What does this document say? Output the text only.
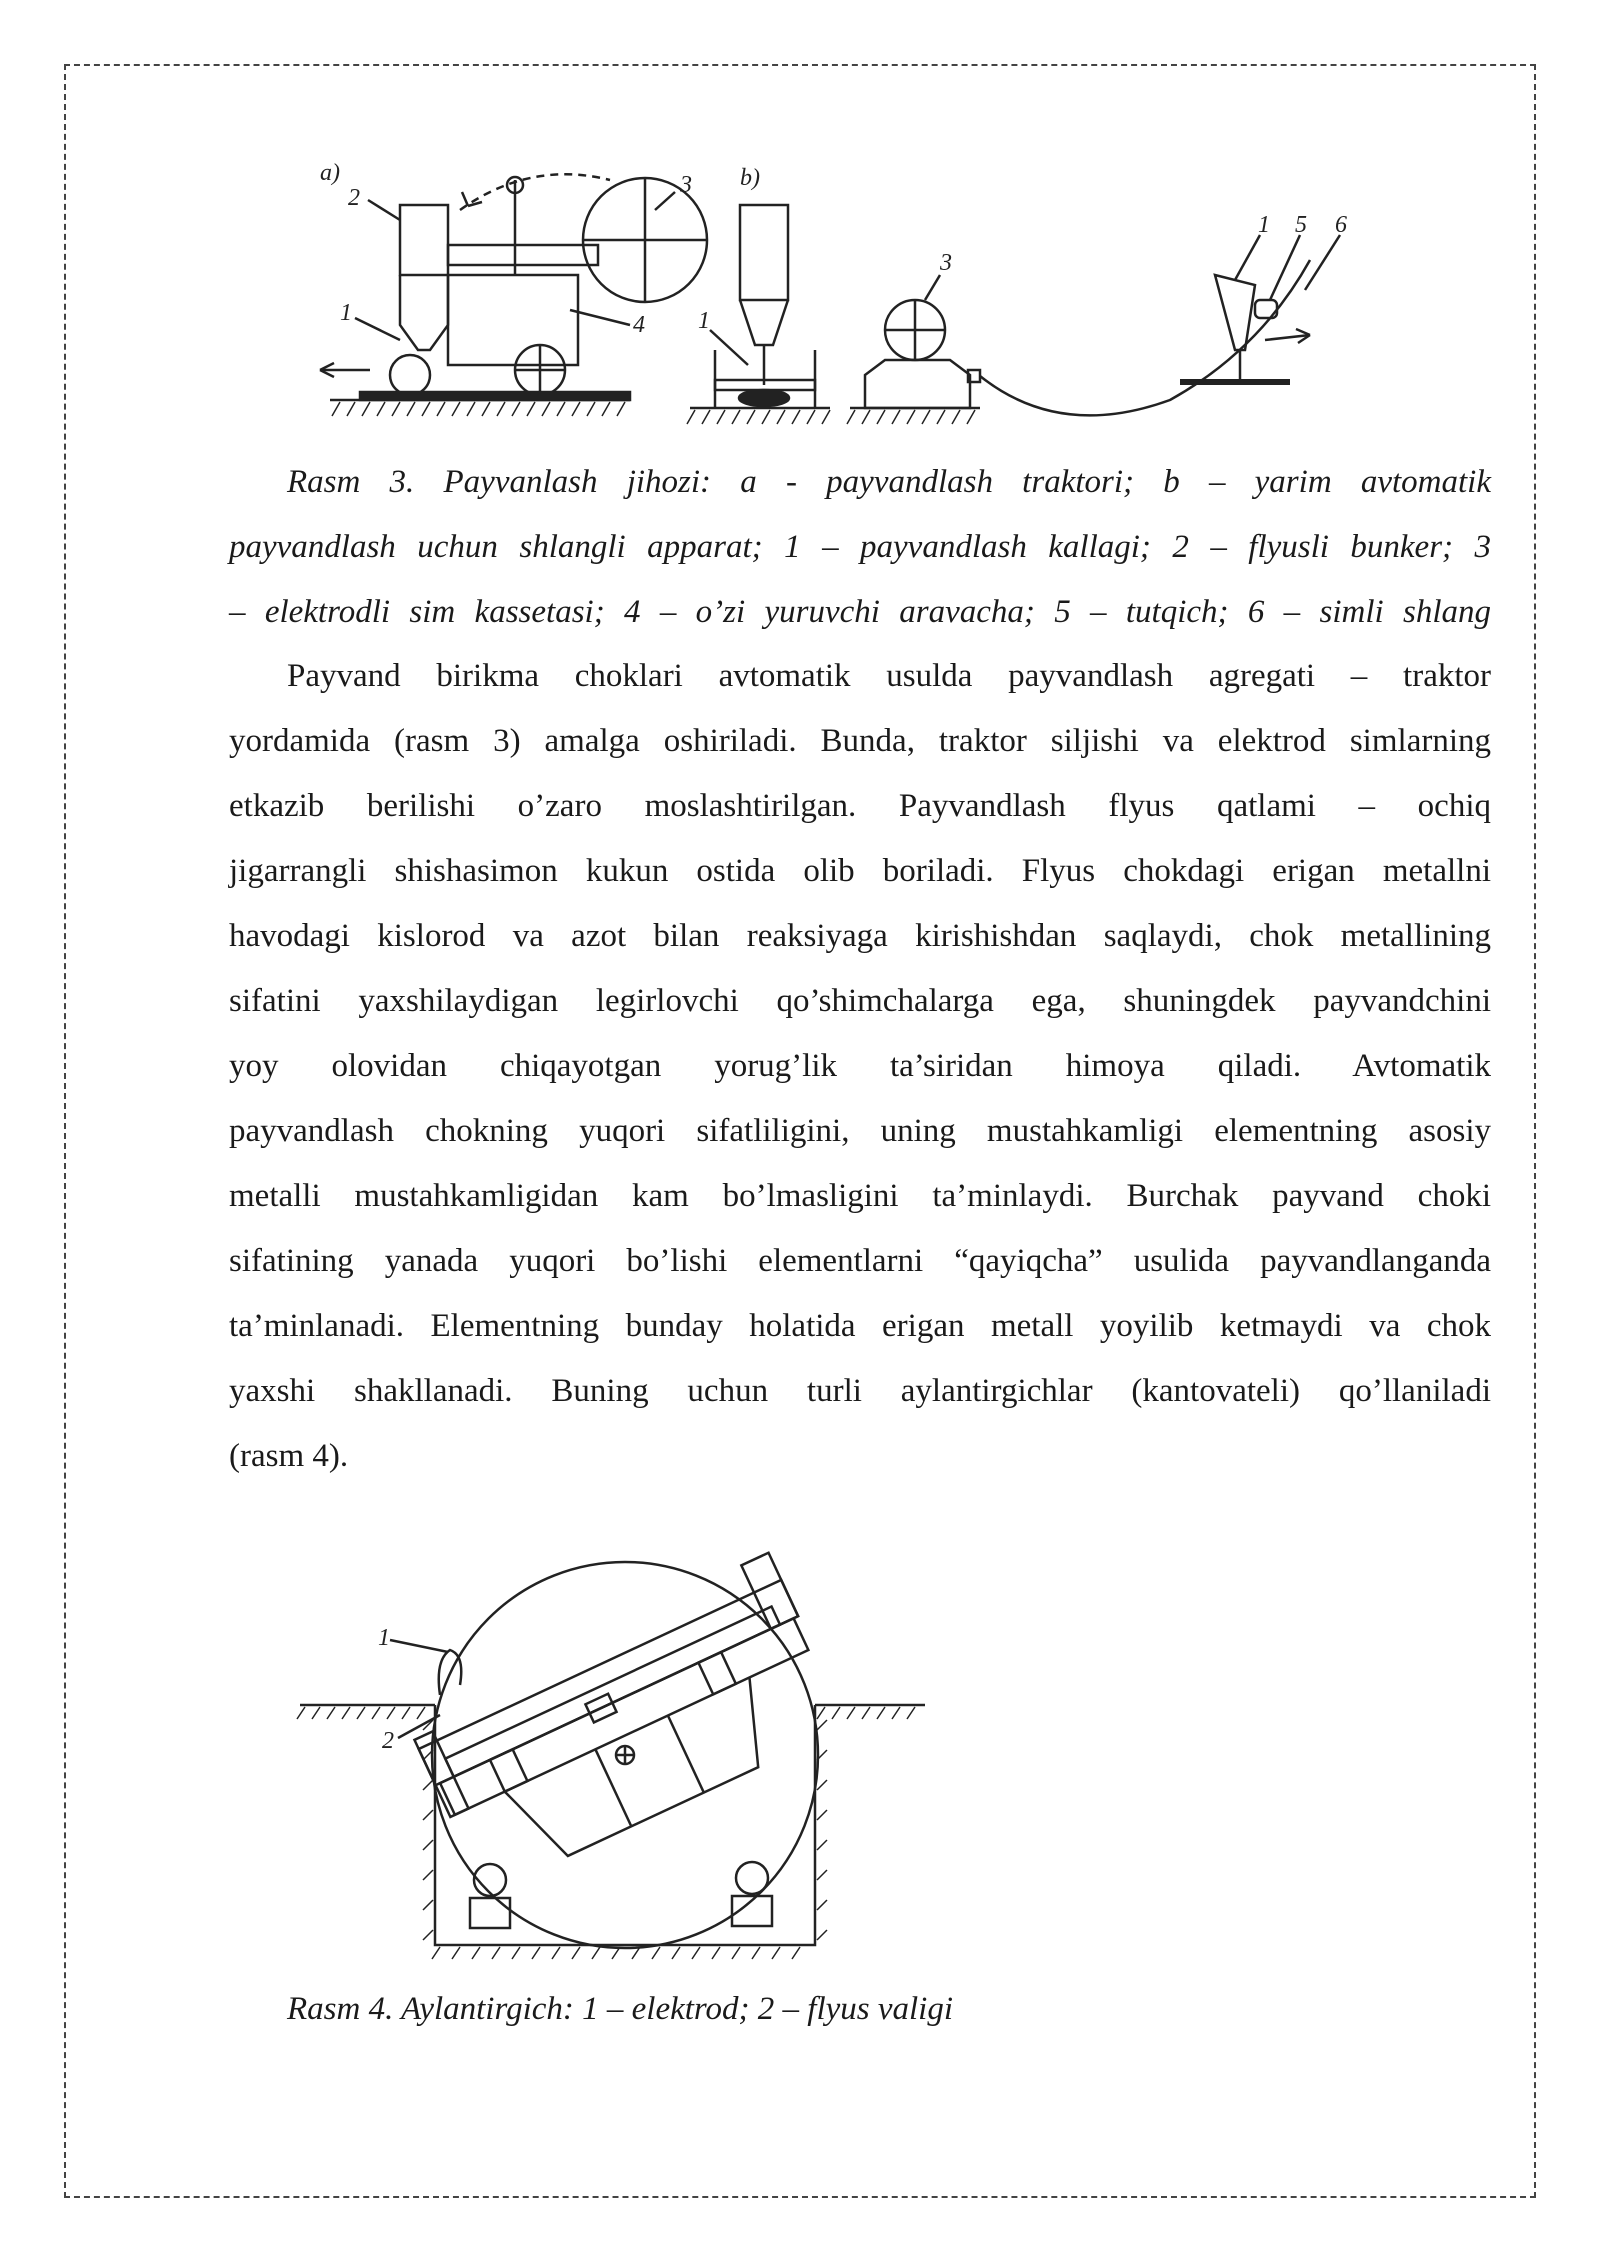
a)	b)
2	3
1	4 1
3
1 5 6
Rasm 3. Payvanlash jihozi: a - payvandlash traktori; b – yarim avtomatik
payvandlash uchun shlangli apparat; 1 – payvandlash kallagi; 2 – flyusli bunker; 3
– elektrodli sim kassetasi; 4 – o’zi yuruvchi aravacha; 5 – tutqich; 6 – simli shlang
Payvand birikma choklari avtomatik usulda payvandlash agregati – traktor
yordamida (rasm 3) amalga oshiriladi. Bunda, traktor siljishi va elektrod simlarning
etkazib berilishi o’zaro moslashtirilgan. Payvandlash flyus qatlami – ochiq
jigarrangli shishasimon kukun ostida olib boriladi. Flyus chokdagi erigan metallni
havodagi kislorod va azot bilan reaksiyaga kirishishdan saqlaydi, chok metallining
sifatini yaxshilaydigan legirlovchi qo’shimchalarga ega, shuningdek payvandchini
yoy olovidan chiqayotgan yorug’lik ta’siridan himoya qiladi. Avtomatik
payvandlash chokning yuqori sifatliligini, uning mustahkamligi elementning asosiy
metalli mustahkamligidan kam bo’lmasligini ta’minlaydi. Burchak payvand choki
sifatining yanada yuqori bo’lishi elementlarni “qayiqcha” usulida payvandlanganda
ta’minlanadi. Elementning bunday holatida erigan metall yoyilib ketmaydi va chok
yaxshi shakllanadi. Buning uchun turli aylantirgichlar (kantovateli) qo’llaniladi
(rasm 4).
1
2
Rasm 4. Aylantirgich: 1 – elektrod; 2 – flyus valigi
